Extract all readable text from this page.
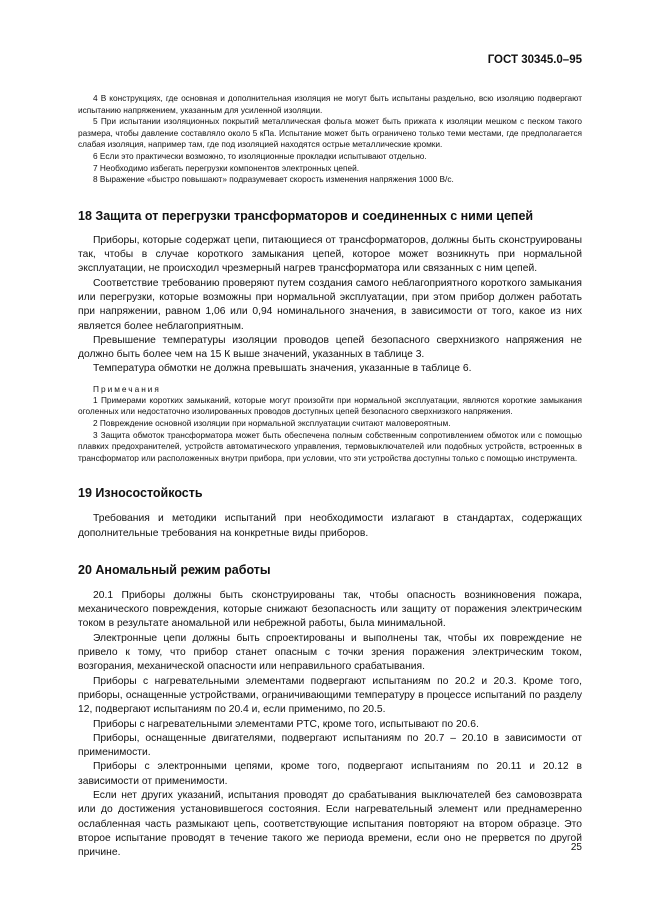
ГОСТ 30345.0–95

4 В конструкциях, где основная и дополнительная изоляция не могут быть испытаны раздельно, всю изоляцию подвергают испытанию напряжением, указанным для усиленной изоляции.

5 При испытании изоляционных покрытий металлическая фольга может быть прижата к изоляции мешком с песком такого размера, чтобы давление составляло около 5 кПа. Испытание может быть ограничено только теми местами, где предполагается слабая изоляция, например там, где под изоляцией находятся острые металлические кромки.

6 Если это практически возможно, то изоляционные прокладки испытывают отдельно.

7 Необходимо избегать перегрузки компонентов электронных цепей.

8 Выражение «быстро повышают» подразумевает скорость изменения напряжения 1000 В/с.

18 Защита от перегрузки трансформаторов и соединенных с ними цепей

Приборы, которые содержат цепи, питающиеся от трансформаторов, должны быть сконструированы так, чтобы в случае короткого замыкания цепей, которое может возникнуть при нормальной эксплуатации, не происходил чрезмерный нагрев трансформатора или связанных с ним цепей.

Соответствие требованию проверяют путем создания самого неблагоприятного короткого замыкания или перегрузки, которые возможны при нормальной эксплуатации, при этом прибор должен работать при напряжении, равном 1,06 или 0,94 номинального значения, в зависимости от того, какое из них является более неблагоприятным.

Превышение температуры изоляции проводов цепей безопасного сверхнизкого напряжения не должно быть более чем на 15 К выше значений, указанных в таблице 3.

Температура обмотки не должна превышать значения, указанные в таблице 6.

Примечания

1 Примерами коротких замыканий, которые могут произойти при нормальной эксплуатации, являются короткие замыкания оголенных или недостаточно изолированных проводов доступных цепей безопасного сверхнизкого напряжения.

2 Повреждение основной изоляции при нормальной эксплуатации считают маловероятным.

3 Защита обмоток трансформатора может быть обеспечена полным собственным сопротивлением обмоток или с помощью плавких предохранителей, устройств автоматического управления, термовыключателей или подобных устройств, встроенных в трансформатор или расположенных внутри прибора, при условии, что эти устройства доступны только с помощью инструмента.

19 Износостойкость

Требования и методики испытаний при необходимости излагают в стандартах, содержащих дополнительные требования на конкретные виды приборов.

20 Аномальный режим работы

20.1 Приборы должны быть сконструированы так, чтобы опасность возникновения пожара, механического повреждения, которые снижают безопасность или защиту от поражения электрическим током в результате аномальной или небрежной работы, была минимальной.

Электронные цепи должны быть спроектированы и выполнены так, чтобы их повреждение не привело к тому, что прибор станет опасным с точки зрения поражения электрическим током, возгорания, механической опасности или неправильного срабатывания.

Приборы с нагревательными элементами подвергают испытаниям по 20.2 и 20.3. Кроме того, приборы, оснащенные устройствами, ограничивающими температуру в процессе испытаний по разделу 12, подвергают испытаниям по 20.4 и, если применимо, по 20.5.

Приборы с нагревательными элементами PTC, кроме того, испытывают по 20.6.

Приборы, оснащенные двигателями, подвергают испытаниям по 20.7 – 20.10 в зависимости от применимости.

Приборы с электронными цепями, кроме того, подвергают испытаниям по 20.11 и 20.12 в зависимости от применимости.

Если нет других указаний, испытания проводят до срабатывания выключателей без самовозврата или до достижения установившегося состояния. Если нагревательный элемент или преднамеренно ослабленная часть размыкают цепь, соответствующие испытания повторяют на втором образце. Это второе испытание проводят в течение такого же периода времени, если оно не прервется по другой причине.	25
